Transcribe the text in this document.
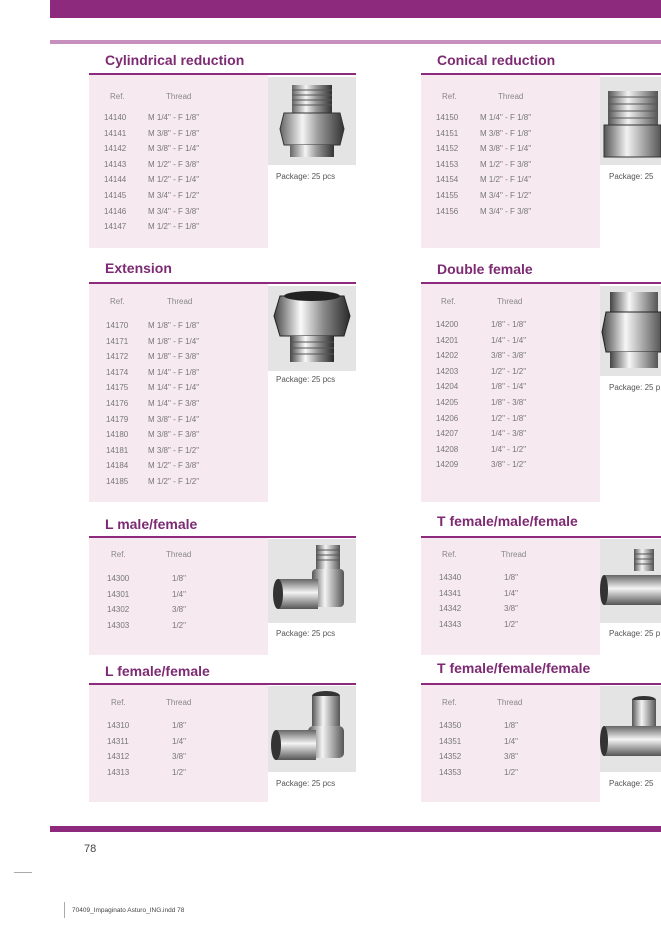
Cylindrical reduction
Ref.	Thread
14140	M 1/4" - F 1/8"
14141	M 3/8" - F 1/8"
14142	M 3/8" - F 1/4"
14143	M 1/2" - F 3/8"
14144	M 1/2" - F 1/4"
14145	M 3/4" - F 1/2"
14146	M 3/4" - F 3/8"
14147	M 1/2" - F 1/8"
Package: 25 pcs
Conical reduction
Ref.	Thread
14150	M 1/4" - F 1/8"
14151	M 3/8" - F 1/8"
14152	M 3/8" - F 1/4"
14153	M 1/2" - F 3/8"
14154	M 1/2" - F 1/4"
14155	M 3/4" - F 1/2"
14156	M 3/4" - F 3/8"
Package: 25
Extension
Ref.	Thread
14170 M 1/8" - F 1/8"
14171 M 1/8" - F 1/4"
14172 M 1/8" - F 3/8"
14174 M 1/4" - F 1/8"
14175 M 1/4" - F 1/4"
14176 M 1/4" - F 3/8"
14179 M 3/8" - F 1/4"
14180 M 3/8" - F 3/8"
14181 M 3/8" - F 1/2"
14184 M 1/2" - F 3/8"
14185 M 1/2" - F 1/2"
Package: 25 pcs
Double female
Ref.	Thread
14200	1/8" - 1/8"
14201	1/4" - 1/4"
14202	3/8" - 3/8"
14203	1/2" - 1/2"
14204	1/8" - 1/4"
14205	1/8" - 3/8"
14206	1/2" - 1/8"
14207	1/4" - 3/8"
14208	1/4" - 1/2"
14209	3/8" - 1/2"
Package: 25 p
L male/female
Ref.	Thread
14300	1/8"
14301	1/4"
14302	3/8"
14303	1/2"
Package: 25 pcs
T female/male/female
Ref.	Thread
14340	1/8"
14341	1/4"
14342	3/8"
14343	1/2"
Package: 25 p
L female/female
Ref.	Thread
14310	1/8"
14311	1/4"
14312	3/8"
14313	1/2"
Package: 25 pcs
T female/female/female
Ref.	Thread
14350	1/8"
14351	1/4"
14352	3/8"
14353	1/2"
Package: 25
78
70409_Impaginato Asturo_ING.indd 78
